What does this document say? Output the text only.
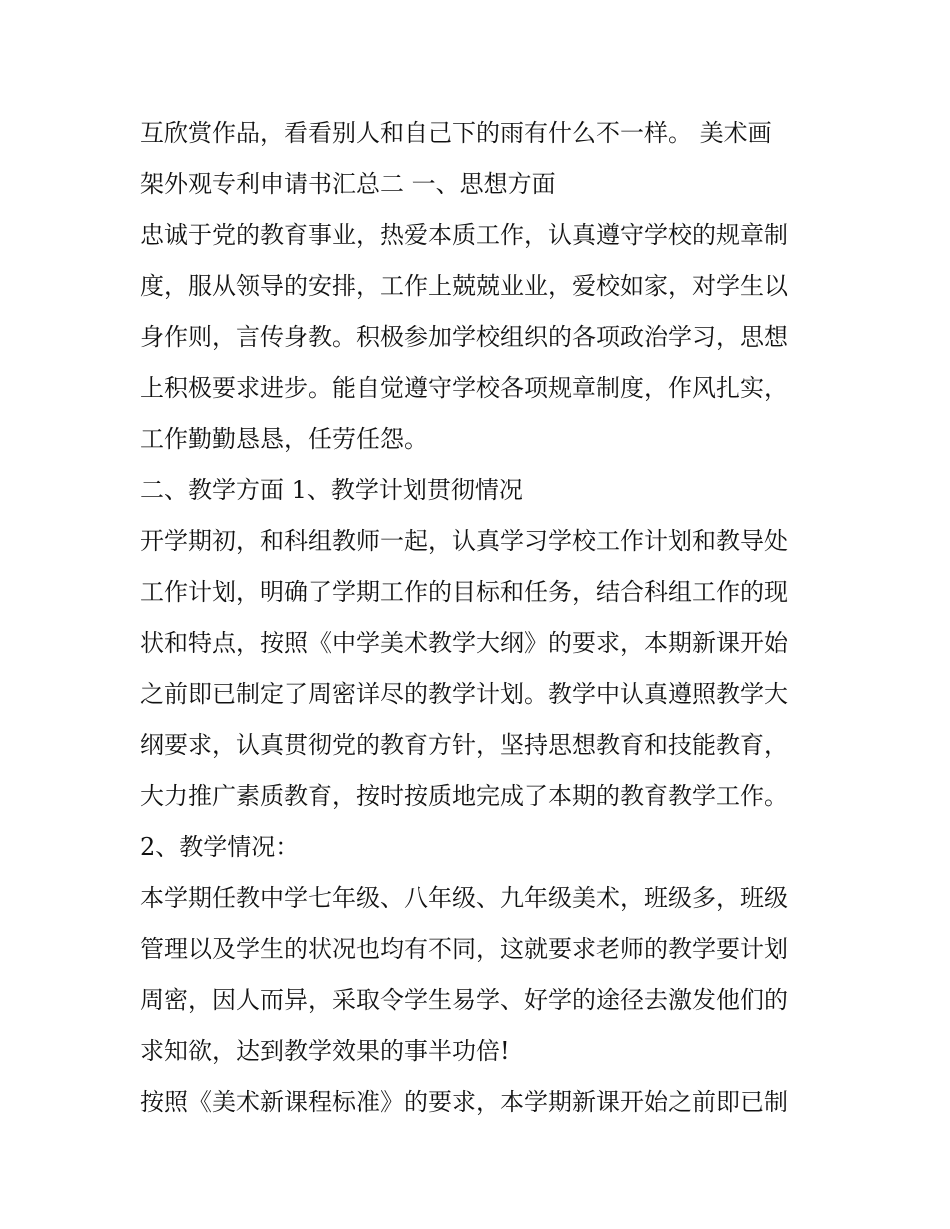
互欣赏作品，看看别人和自己下的雨有什么不一样。 美术画

架外观专利申请书汇总二 一、思想方面

忠诚于党的教育事业，热爱本质工作，认真遵守学校的规章制

度，服从领导的安排，工作上兢兢业业，爱校如家，对学生以

身作则，言传身教。积极参加学校组织的各项政治学习，思想

上积极要求进步。能自觉遵守学校各项规章制度，作风扎实，

工作勤勤恳恳，任劳任怨。

二、教学方面 1、教学计划贯彻情况

开学期初，和科组教师一起，认真学习学校工作计划和教导处

工作计划，明确了学期工作的目标和任务，结合科组工作的现

状和特点，按照《中学美术教学大纲》的要求，本期新课开始

之前即已制定了周密详尽的教学计划。教学中认真遵照教学大

纲要求，认真贯彻党的教育方针，坚持思想教育和技能教育，

大力推广素质教育，按时按质地完成了本期的教育教学工作。

2、教学情况：

本学期任教中学七年级、八年级、九年级美术，班级多，班级

管理以及学生的状况也均有不同，这就要求老师的教学要计划

周密，因人而异，采取令学生易学、好学的途径去激发他们的

求知欲，达到教学效果的事半功倍!

按照《美术新课程标准》的要求，本学期新课开始之前即已制
